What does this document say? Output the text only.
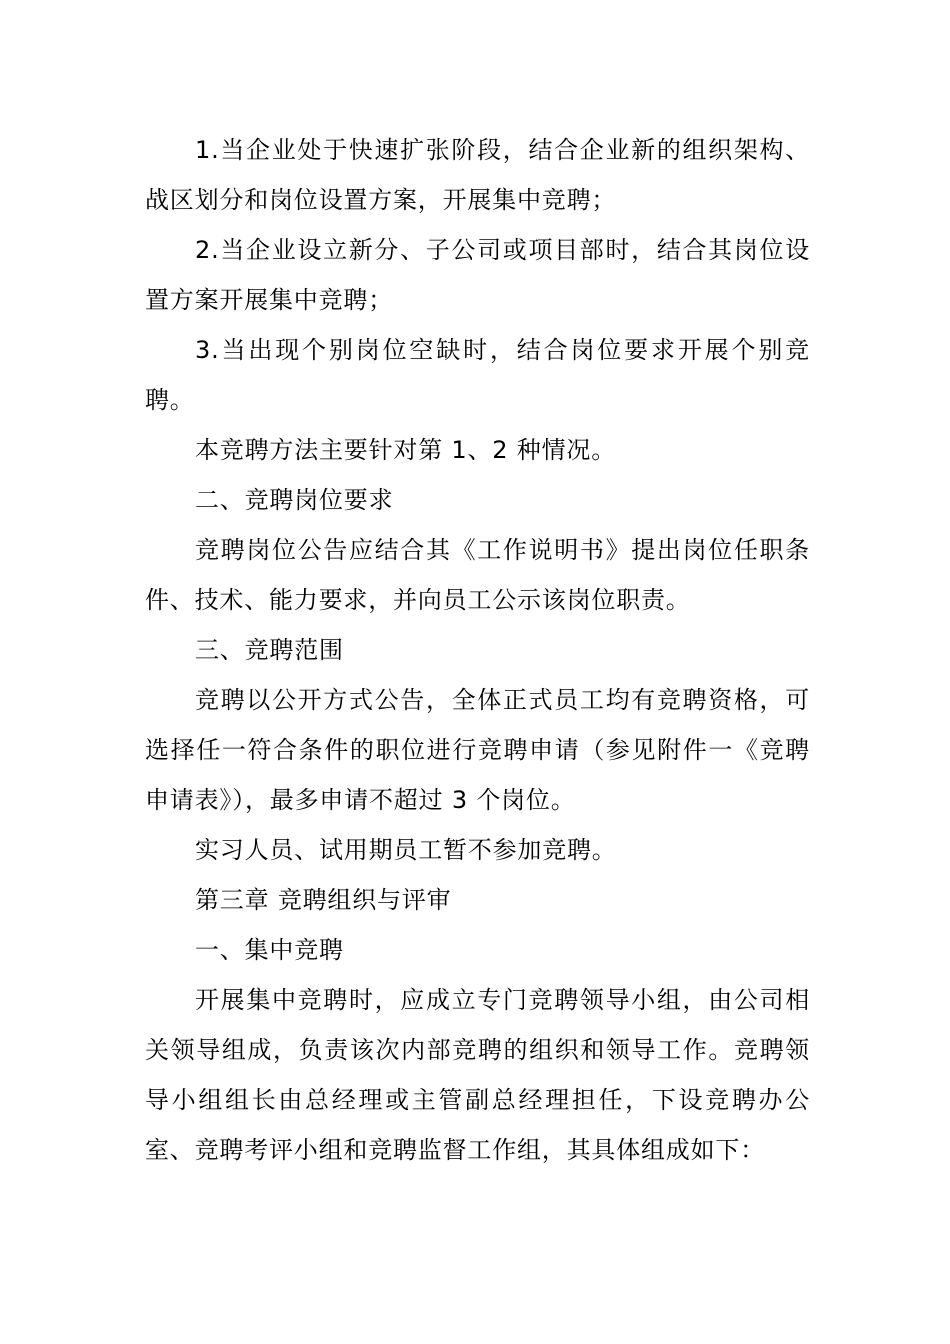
1.当企业处于快速扩张阶段，结合企业新的组织架构、战区划分和岗位设置方案，开展集中竞聘；

2.当企业设立新分、子公司或项目部时，结合其岗位设置方案开展集中竞聘；

3.当出现个别岗位空缺时，结合岗位要求开展个别竞聘。

本竞聘方法主要针对第 1、2 种情况。

二、竞聘岗位要求

竞聘岗位公告应结合其《工作说明书》提出岗位任职条件、技术、能力要求，并向员工公示该岗位职责。

三、竞聘范围

竞聘以公开方式公告，全体正式员工均有竞聘资格，可选择任一符合条件的职位进行竞聘申请（参见附件一《竞聘申请表》），最多申请不超过 3 个岗位。

实习人员、试用期员工暂不参加竞聘。

第三章 竞聘组织与评审

一、集中竞聘

开展集中竞聘时，应成立专门竞聘领导小组，由公司相关领导组成，负责该次内部竞聘的组织和领导工作。竞聘领导小组组长由总经理或主管副总经理担任，下设竞聘办公室、竞聘考评小组和竞聘监督工作组，其具体组成如下：
